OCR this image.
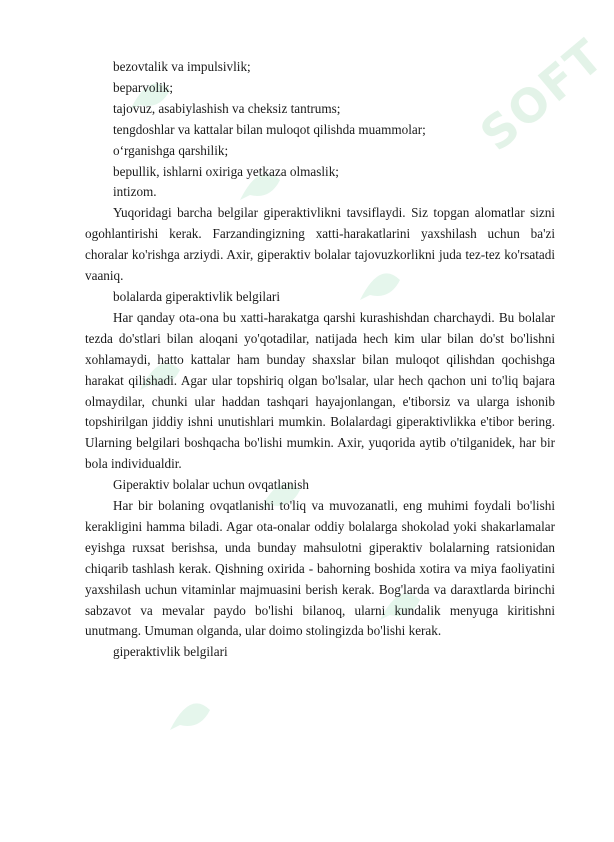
SOFT

bezovtalik va impulsivlik;

beparvolik;

tajovuz, asabiylashish va cheksiz tantrums;

tengdoshlar va kattalar bilan muloqot qilishda muammolar;

oʻrganishga qarshilik;

bepullik, ishlarni oxiriga yetkaza olmaslik;

intizom.

Yuqoridagi barcha belgilar giperaktivlikni tavsiflaydi. Siz topgan alomatlar sizni ogohlantirishi kerak. Farzandingizning xatti-harakatlarini yaxshilash uchun ba'zi choralar ko'rishga arziydi. Axir, giperaktiv bolalar tajovuzkorlikni juda tez-tez ko'rsatadi vaaniq.

bolalarda giperaktivlik belgilari

Har qanday ota-ona bu xatti-harakatga qarshi kurashishdan charchaydi. Bu bolalar tezda do'stlari bilan aloqani yo'qotadilar, natijada hech kim ular bilan do'st bo'lishni xohlamaydi, hatto kattalar ham bunday shaxslar bilan muloqot qilishdan qochishga harakat qilishadi. Agar ular topshiriq olgan bo'lsalar, ular hech qachon uni to'liq bajara olmaydilar, chunki ular haddan tashqari hayajonlangan, e'tiborsiz va ularga ishonib topshirilgan jiddiy ishni unutishlari mumkin. Bolalardagi giperaktivlikka e'tibor bering. Ularning belgilari boshqacha bo'lishi mumkin. Axir, yuqorida aytib o'tilganidek, har bir bola individualdir.

Giperaktiv bolalar uchun ovqatlanish

Har bir bolaning ovqatlanishi to'liq va muvozanatli, eng muhimi foydali bo'lishi kerakligini hamma biladi. Agar ota-onalar oddiy bolalarga shokolad yoki shakarlamalar eyishga ruxsat berishsa, unda bunday mahsulotni giperaktiv bolalarning ratsionidan chiqarib tashlash kerak. Qishning oxirida - bahorning boshida xotira va miya faoliyatini yaxshilash uchun vitaminlar majmuasini berish kerak. Bog'larda va daraxtlarda birinchi sabzavot va mevalar paydo bo'lishi bilanoq, ularni kundalik menyuga kiritishni unutmang. Umuman olganda, ular doimo stolingizda bo'lishi kerak.

giperaktivlik belgilari
